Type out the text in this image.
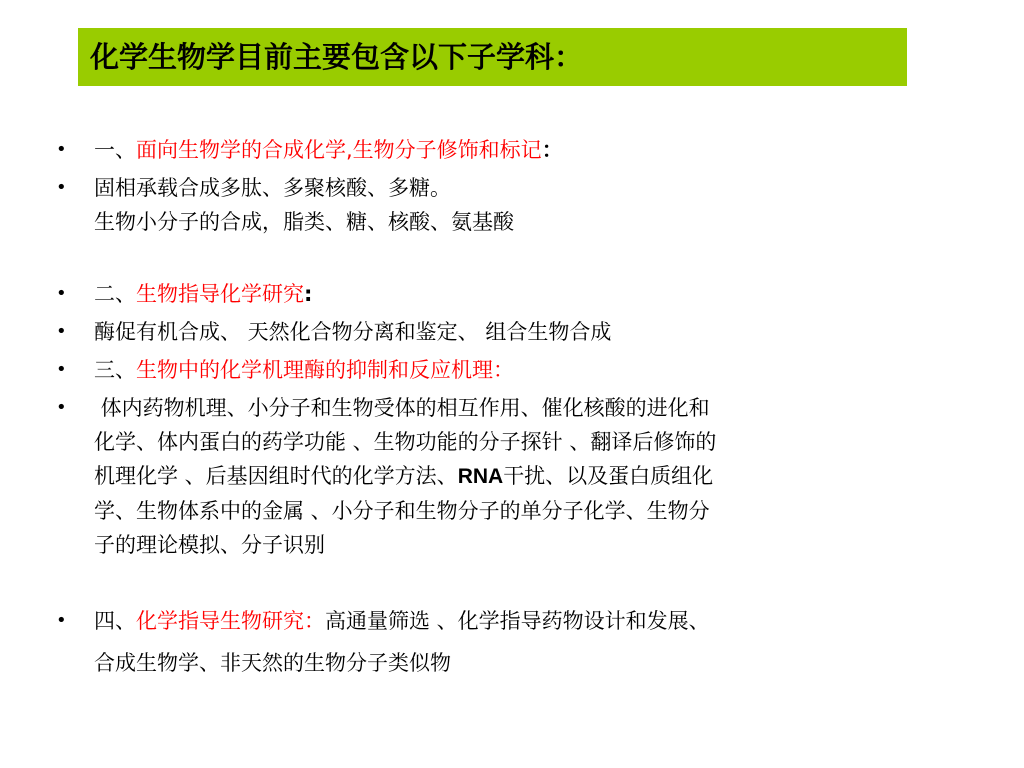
化学生物学目前主要包含以下子学科：
• 一、面向生物学的合成化学,生物分子修饰和标记：
• 固相承载合成多肽、多聚核酸、多糖。
生物小分子的合成，脂类、糖、核酸、氨基酸
• 二、生物指导化学研究:
• 酶促有机合成、 天然化合物分离和鉴定、 组合生物合成
• 三、生物中的化学机理酶的抑制和反应机理：
• 体内药物机理、小分子和生物受体的相互作用、催化核酸的进化和
化学、体内蛋白的药学功能 、生物功能的分子探针 、翻译后修饰的
机理化学 、后基因组时代的化学方法、RNA干扰、以及蛋白质组化
学、生物体系中的金属 、小分子和生物分子的单分子化学、生物分
子的理论模拟、分子识别
• 四、化学指导生物研究：高通量筛选 、化学指导药物设计和发展、
合成生物学、非天然的生物分子类似物
